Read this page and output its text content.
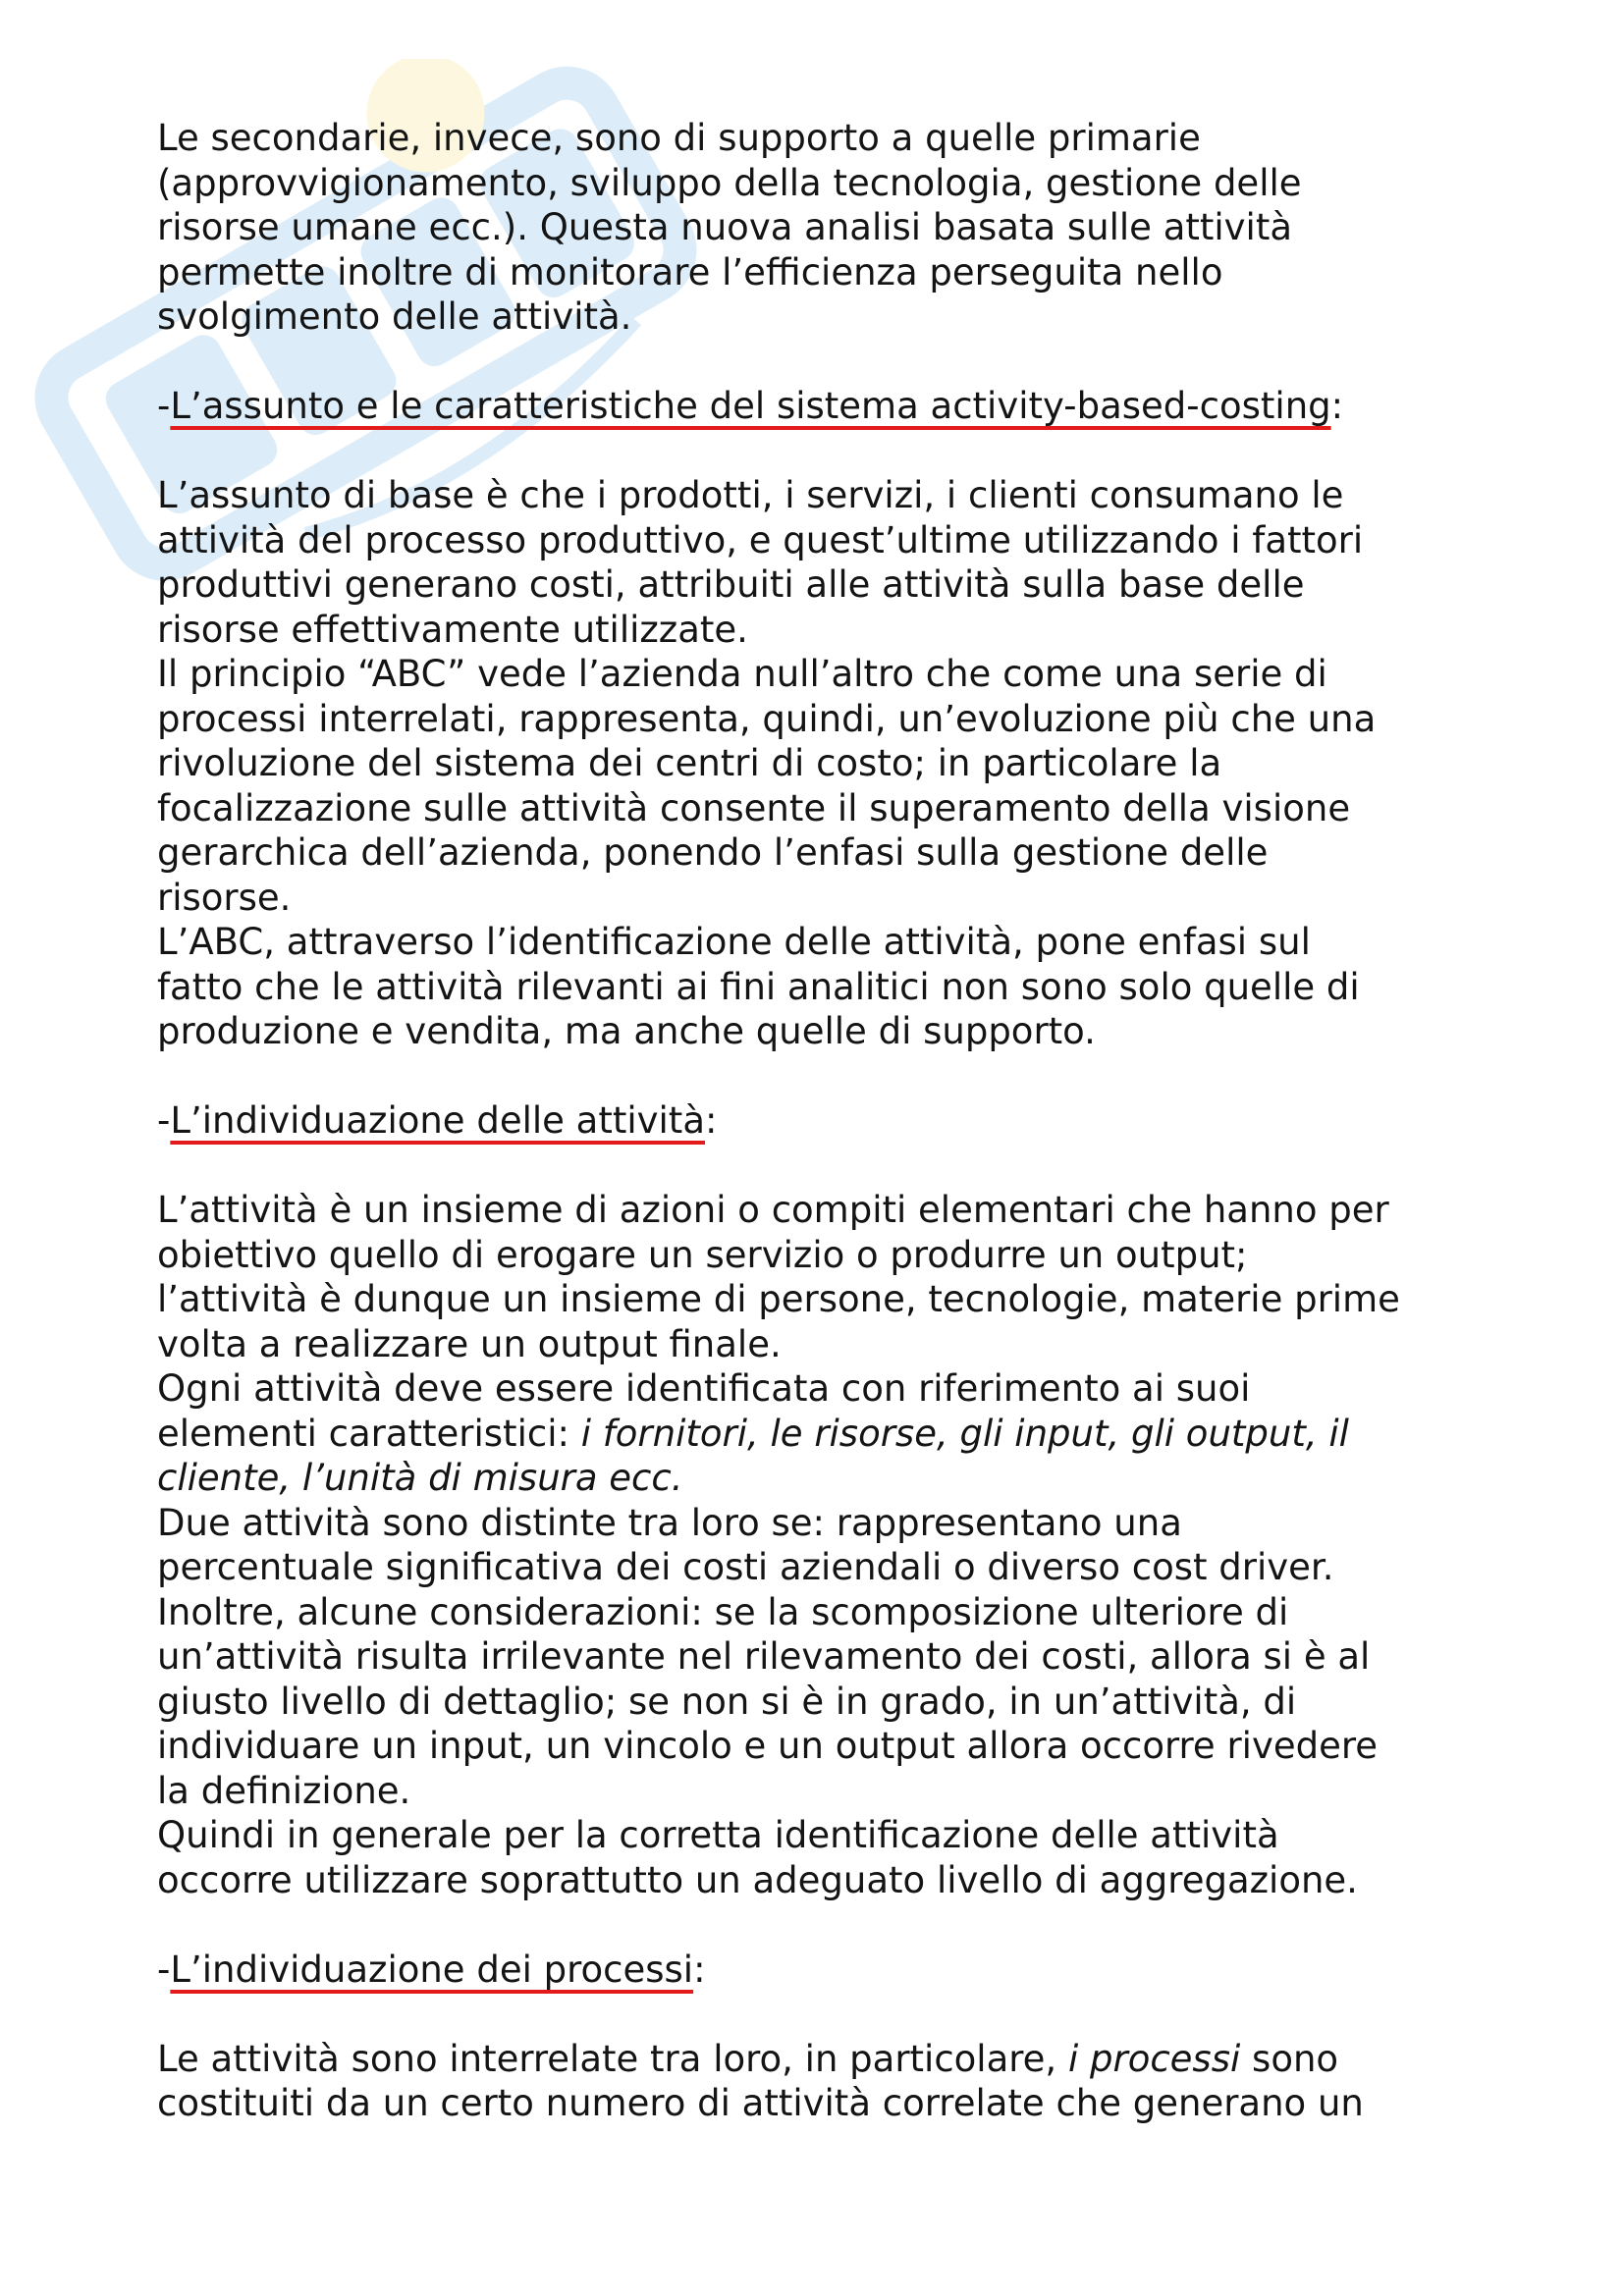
Le secondarie, invece, sono di supporto a quelle primarie

(approvvigionamento, sviluppo della tecnologia, gestione delle

risorse umane ecc.). Questa nuova analisi basata sulle attività

permette inoltre di monitorare l’efficienza perseguita nello

svolgimento delle attività.

-L’assunto e le caratteristiche del sistema activity-based-costing:

L’assunto di base è che i prodotti, i servizi, i clienti consumano le

attività del processo produttivo, e quest’ultime utilizzando i fattori

produttivi generano costi, attribuiti alle attività sulla base delle

risorse effettivamente utilizzate.

Il principio “ABC” vede l’azienda null’altro che come una serie di

processi interrelati, rappresenta, quindi, un’evoluzione più che una

rivoluzione del sistema dei centri di costo; in particolare la

focalizzazione sulle attività consente il superamento della visione

gerarchica dell’azienda, ponendo l’enfasi sulla gestione delle

risorse.

L’ABC, attraverso l’identificazione delle attività, pone enfasi sul

fatto che le attività rilevanti ai fini analitici non sono solo quelle di

produzione e vendita, ma anche quelle di supporto.

-L’individuazione delle attività:

L’attività è un insieme di azioni o compiti elementari che hanno per

obiettivo quello di erogare un servizio o produrre un output;

l’attività è dunque un insieme di persone, tecnologie, materie prime

volta a realizzare un output finale.

Ogni attività deve essere identificata con riferimento ai suoi

elementi caratteristici: i fornitori, le risorse, gli input, gli output, il

cliente, l’unità di misura ecc.

Due attività sono distinte tra loro se: rappresentano una

percentuale significativa dei costi aziendali o diverso cost driver.

Inoltre, alcune considerazioni: se la scomposizione ulteriore di

un’attività risulta irrilevante nel rilevamento dei costi, allora si è al

giusto livello di dettaglio; se non si è in grado, in un’attività, di

individuare un input, un vincolo e un output allora occorre rivedere

la definizione.

Quindi in generale per la corretta identificazione delle attività

occorre utilizzare soprattutto un adeguato livello di aggregazione.

-L’individuazione dei processi:

Le attività sono interrelate tra loro, in particolare, i processi sono

costituiti da un certo numero di attività correlate che generano un
